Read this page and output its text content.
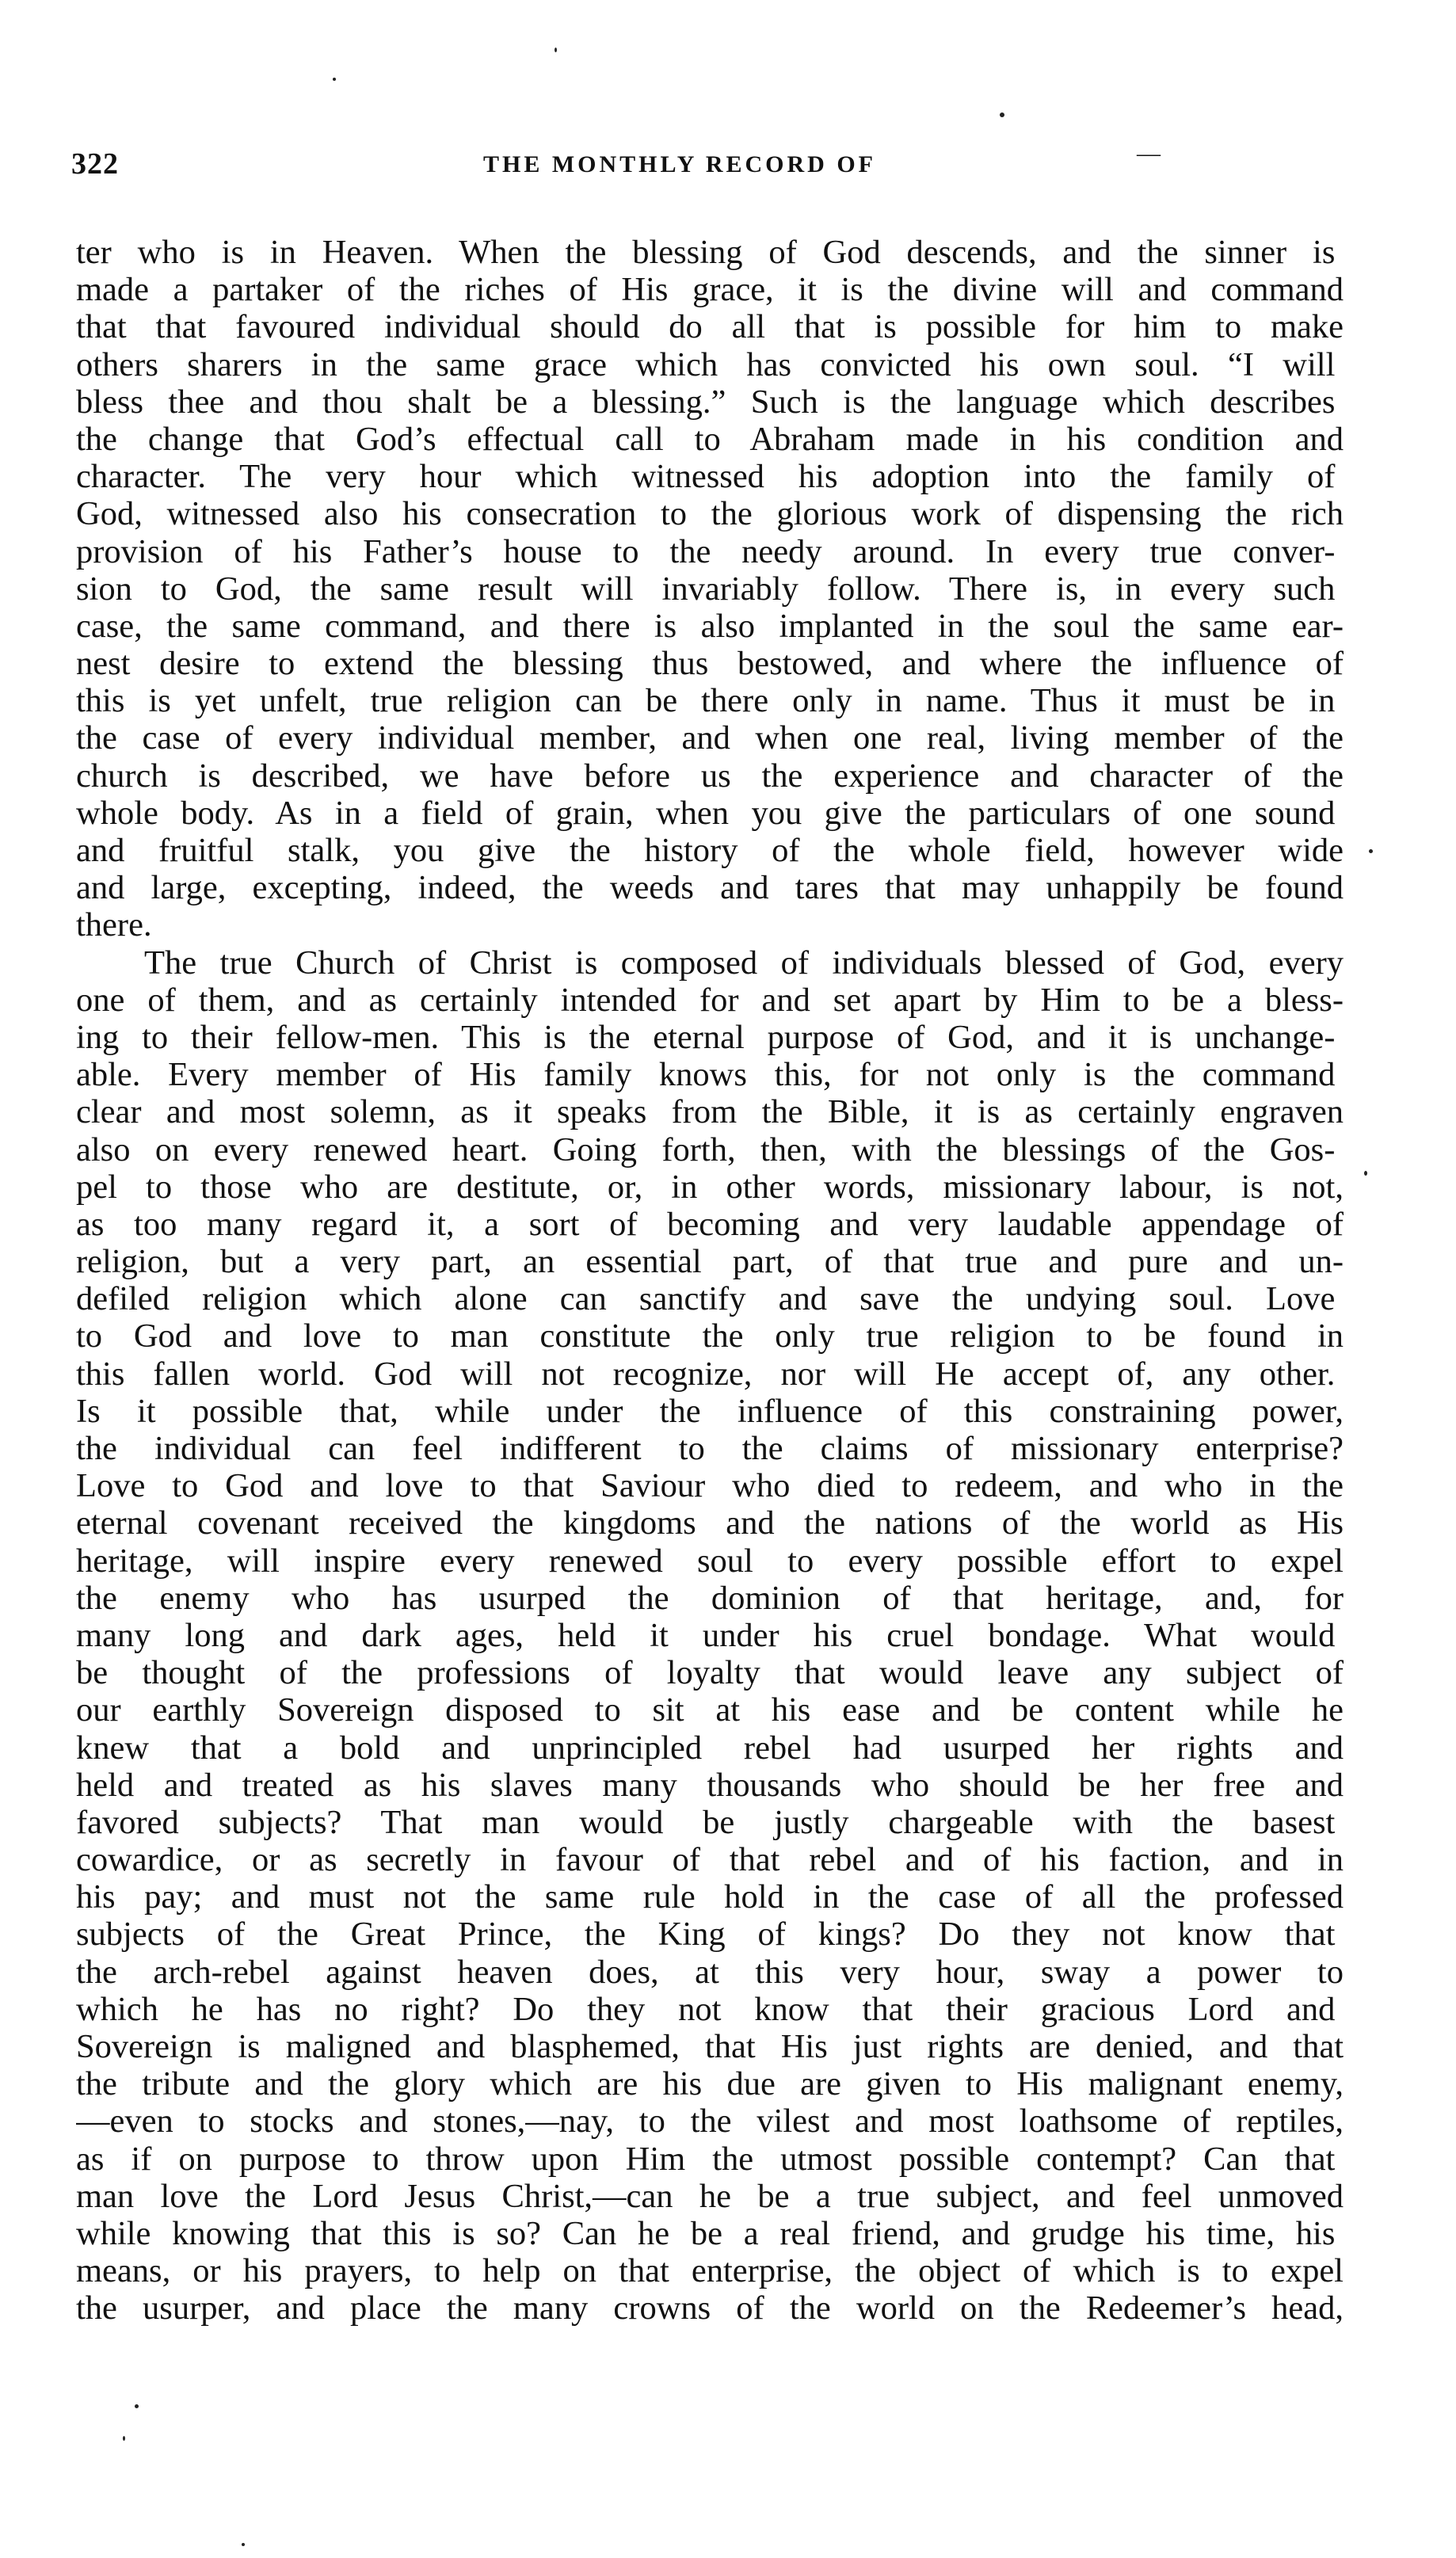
322	THE MONTHLY RECORD OF	—
ter who is in Heaven. When the blessing of God descends, and the sinner is
made a partaker of the riches of His grace, it is the divine will and command
that that favoured individual should do all that is possible for him to make
others sharers in the same grace which has convicted his own soul. “I will
bless thee and thou shalt be a blessing.” Such is the language which describes
the change that God’s effectual call to Abraham made in his condition and
character. The very hour which witnessed his adoption into the family of
God, witnessed also his consecration to the glorious work of dispensing the rich
provision of his Father’s house to the needy around. In every true conver-
sion to God, the same result will invariably follow. There is, in every such
case, the same command, and there is also implanted in the soul the same ear-
nest desire to extend the blessing thus bestowed, and where the influence of
this is yet unfelt, true religion can be there only in name. Thus it must be in
the case of every individual member, and when one real, living member of the
church is described, we have before us the experience and character of the
whole body. As in a field of grain, when you give the particulars of one sound
and fruitful stalk, you give the history of the whole field, however wide
and large, excepting, indeed, the weeds and tares that may unhappily be found
there.
The true Church of Christ is composed of individuals blessed of God, every
one of them, and as certainly intended for and set apart by Him to be a bless-
ing to their fellow-men. This is the eternal purpose of God, and it is unchange-
able. Every member of His family knows this, for not only is the command
clear and most solemn, as it speaks from the Bible, it is as certainly engraven
also on every renewed heart. Going forth, then, with the blessings of the Gos-
pel to those who are destitute, or, in other words, missionary labour, is not,
as too many regard it, a sort of becoming and very laudable appendage of
religion, but a very part, an essential part, of that true and pure and un-
defiled religion which alone can sanctify and save the undying soul. Love
to God and love to man constitute the only true religion to be found in
this fallen world. God will not recognize, nor will He accept of, any other.
Is it possible that, while under the influence of this constraining power,
the individual can feel indifferent to the claims of missionary enterprise?
Love to God and love to that Saviour who died to redeem, and who in the
eternal covenant received the kingdoms and the nations of the world as His
heritage, will inspire every renewed soul to every possible effort to expel
the enemy who has usurped the dominion of that heritage, and, for
many long and dark ages, held it under his cruel bondage. What would
be thought of the professions of loyalty that would leave any subject of
our earthly Sovereign disposed to sit at his ease and be content while he
knew that a bold and unprincipled rebel had usurped her rights and
held and treated as his slaves many thousands who should be her free and
favored subjects? That man would be justly chargeable with the basest
cowardice, or as secretly in favour of that rebel and of his faction, and in
his pay; and must not the same rule hold in the case of all the professed
subjects of the Great Prince, the King of kings? Do they not know that
the arch-rebel against heaven does, at this very hour, sway a power to
which he has no right? Do they not know that their gracious Lord and
Sovereign is maligned and blasphemed, that His just rights are denied, and that
the tribute and the glory which are his due are given to His malignant enemy,
—even to stocks and stones,—nay, to the vilest and most loathsome of reptiles,
as if on purpose to throw upon Him the utmost possible contempt? Can that
man love the Lord Jesus Christ,—can he be a true subject, and feel unmoved
while knowing that this is so? Can he be a real friend, and grudge his time, his
means, or his prayers, to help on that enterprise, the object of which is to expel
the usurper, and place the many crowns of the world on the Redeemer’s head,
